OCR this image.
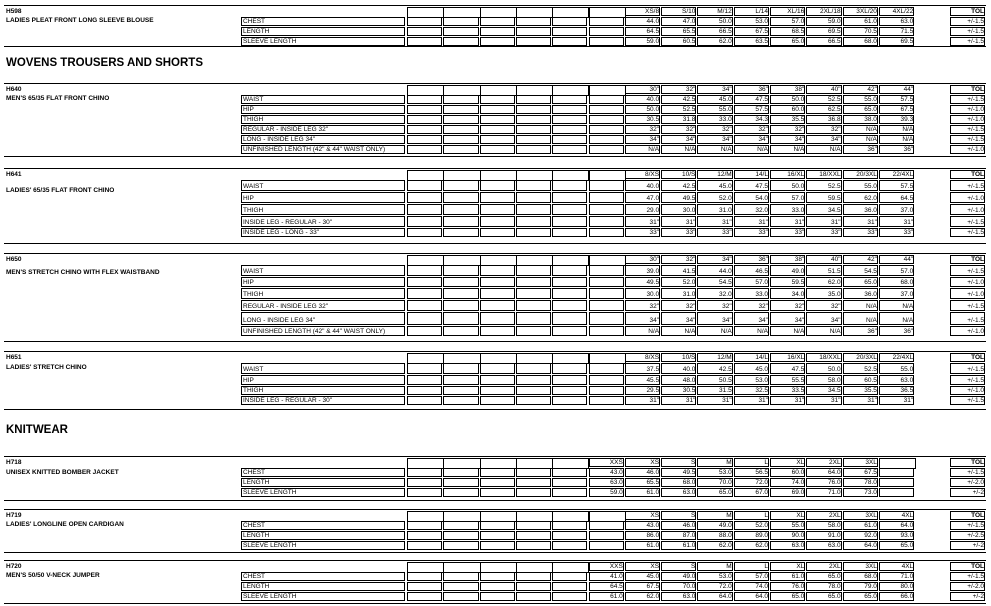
WOVENS TROUSERS AND SHORTS
KNITWEAR
H598
LADIES PLEAT FRONT LONG SLEEVE BLOUSE
XS/8	S/10	M/12	L/14	XL/16	2XL/18	3XL/20	4XL/22	TOL
CHEST	44.0	47.0	50.0	53.0	57.0	59.0	61.0	63.0	+/-1.5
LENGTH	64.5	65.5	66.5	67.5	68.5	69.5	70.5	71.5	+/-1.5
SLEEVE LENGTH	59.0	60.5	62.0	63.5	65.0	66.5	68.0	69.5	+/-1.5
H640
MEN'S 65/35 FLAT FRONT CHINO
30"	32"	34"	36"	38"	40"	42"	44"	TOL
WAIST	40.0	42.5	45.0	47.5	50.0	52.5	55.0	57.5	+/-1.5
HIP	50.0	52.5	55.0	57.5	60.0	62.5	65.0	67.5	+/-1.0
THIGH	30.5	31.8	33.0	34.3	35.5	36.8	38.0	39.3	+/-1.0
REGULAR - INSIDE LEG 32"	32"	32"	32"	32"	32"	32"	N/A	N/A	+/-1.5
LONG - INSIDE LEG 34"	34"	34"	34"	34"	34"	34"	N/A	N/A	+/-1.5
UNFINISHED LENGTH (42" & 44" WAIST ONLY)	N/A	N/A	N/A	N/A	N/A	N/A	36"	36"	+/-1.0
H641
LADIES' 65/35 FLAT FRONT CHINO
8/XS	10/S	12/M	14/L	16/XL	18/XXL	20/3XL	22/4XL	TOL
WAIST	40.0	42.5	45.0	47.5	50.0	52.5	55.0	57.5	+/-1.5
HIP	47.0	49.5	52.0	54.0	57.0	59.5	62.0	64.5	+/-1.0
THIGH	29.0	30.0	31.0	32.0	33.0	34.5	36.0	37.0	+/-1.0
INSIDE LEG - REGULAR - 30"	31"	31"	31"	31"	31"	31"	31"	31"	+/-1.5
INSIDE LEG - LONG - 33"	33"	33"	33"	33"	33"	33"	33"	33"	+/-1.5
H650
MEN'S STRETCH CHINO WITH FLEX WAISTBAND
30"	32"	34"	36"	38"	40"	42"	44"	TOL
WAIST	39.0	41.5	44.0	46.5	49.0	51.5	54.5	57.0	+/-1.5
HIP	49.5	52.0	54.5	57.0	59.5	62.0	65.0	68.0	+/-1.0
THIGH	30.0	31.0	32.0	33.0	34.0	35.0	36.0	37.0	+/-1.0
REGULAR - INSIDE LEG 32"	32"	32"	32"	32"	32"	32"	N/A	N/A	+/-1.5
LONG - INSIDE LEG 34"	34"	34"	34"	34"	34"	34"	N/A	N/A	+/-1.5
UNFINISHED LENGTH (42" & 44" WAIST ONLY)	N/A	N/A	N/A	N/A	N/A	N/A	36"	36"	+/-1.0
H651
LADIES' STRETCH CHINO
8/XS	10/S	12/M	14/L	16/XL	18/XXL	20/3XL	22/4XL	TOL
WAIST	37.5	40.0	42.5	45.0	47.5	50.0	52.5	55.0	+/-1.5
HIP	45.5	48.0	50.5	53.0	55.5	58.0	60.5	63.0	+/-1.5
THIGH	29.5	30.5	31.5	32.5	33.5	34.5	35.5	36.5	+/-1.0
INSIDE LEG - REGULAR - 30"	31"	31"	31"	31"	31"	31"	31"	31"	+/-1.5
H718
UNISEX KNITTED BOMBER JACKET
XXS	XS	S	M	L	XL	2XL	3XL	TOL
CHEST	43.0	46.0	49.5	53.0	56.5	60.0	64.0	67.5	+/-1.5
LENGTH	63.0	65.5	68.0	70.0	72.0	74.0	76.0	78.0	+/-2.0
SLEEVE LENGTH	59.0	61.0	63.0	65.0	67.0	69.0	71.0	73.0	+/-2
H719
LADIES' LONGLINE OPEN CARDIGAN
XS	S	M	L	XL	2XL	3XL	4XL	TOL
CHEST	43.0	46.0	49.0	52.0	55.0	58.0	61.0	64.0	+/-1.5
LENGTH	86.0	87.0	88.0	89.0	90.0	91.0	92.0	93.0	+/-2.5
SLEEVE LENGTH	61.0	61.0	62.0	62.0	63.0	63.0	64.0	65.0	+/-2
H720
MEN'S 50/50 V-NECK JUMPER
XXS	XS	S	M	L	XL	2XL	3XL	4XL	TOL
CHEST	41.0	45.0	49.0	53.0	57.0	61.0	65.0	68.0	71.0	+/-1.5
LENGTH	64.5	67.5	70.0	72.0	74.0	76.0	78.0	79.0	80.0	+/-2.0
SLEEVE LENGTH	61.0	62.0	63.0	64.0	64.0	65.0	65.0	65.0	66.0	+/-2
